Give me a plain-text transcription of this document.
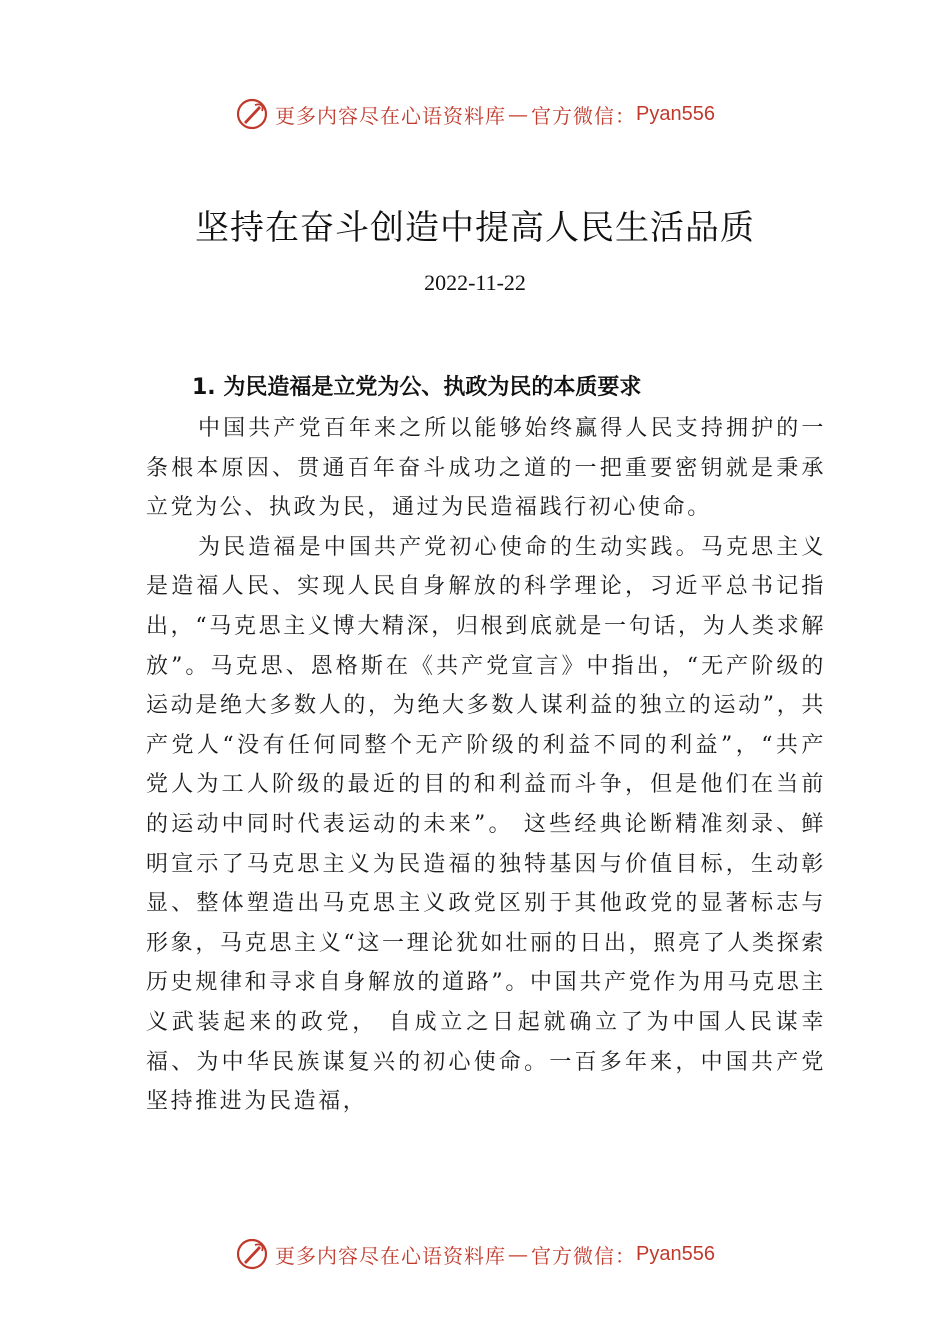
更多内容尽在心语资料库 — 官方微信： Pyan556
坚持在奋斗创造中提高人民生活品质
2022-11-22
1. 为民造福是立党为公、执政为民的本质要求

中国共产党百年来之所以能够始终赢得人民支持拥护的一条根本原因、贯通百年奋斗成功之道的一把重要密钥就是秉承立党为公、执政为民，通过为民造福践行初心使命。

为民造福是中国共产党初心使命的生动实践。马克思主义是造福人民、实现人民自身解放的科学理论，习近平总书记指出，“马克思主义博大精深，归根到底就是一句话，为人类求解放”。马克思、恩格斯在《共产党宣言》中指出，“无产阶级的运动是绝大多数人的，为绝大多数人谋利益的独立的运动”，共产党人“没有任何同整个无产阶级的利益不同的利益”，“共产党人为工人阶级的最近的目的和利益而斗争，但是他们在当前的运动中同时代表运动的未来”。 这些经典论断精准刻录、鲜明宣示了马克思主义为民造福的独特基因与价值目标，生动彰显、整体塑造出马克思主义政党区别于其他政党的显著标志与形象，马克思主义“这一理论犹如壮丽的日出，照亮了人类探索历史规律和寻求自身解放的道路”。中国共产党作为用马克思主义武装起来的政党， 自成立之日起就确立了为中国人民谋幸福、为中华民族谋复兴的初心使命。一百多年来，中国共产党坚持推进为民造福，

更多内容尽在心语资料库 — 官方微信： Pyan556
